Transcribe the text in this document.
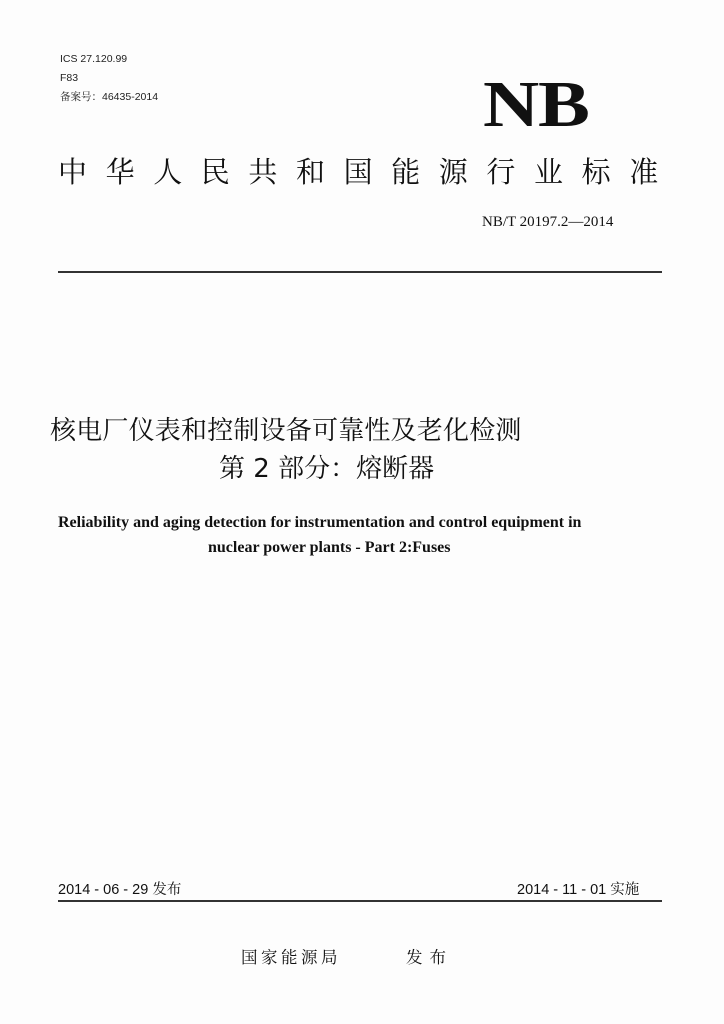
ICS 27.120.99
F83
备案号：46435-2014	NB
中华人民共和国能源行业标准
NB/T 20197.2—2014
核电厂仪表和控制设备可靠性及老化检测
第 2 部分：熔断器
Reliability and aging detection for instrumentation and control equipment in
nuclear power plants - Part 2:Fuses
2014 - 06 - 29 发布	2014 - 11 - 01 实施
国家能源局	发布
